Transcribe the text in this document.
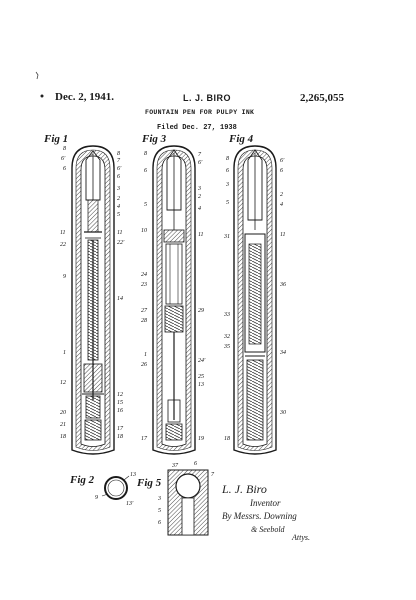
Dec. 2, 1941.	L. J. BIRO	2,265,055
FOUNTAIN PEN FOR PULPY INK
Filed Dec. 27, 1938
Fig 1	Fig 3	Fig 4
Fig 2	Fig 5	L. J. Biro
Inventor
By Messrs. Downing
& Seebold
Attys.
8
7
6'
6
3
2
4
5
11
22'
14
12
15
16
17
18
8
6'
6
11
22
9
1
12
20
21
18
8
6
5
10
24
23
27
28
1
26
17
7
6'
3
2
4
11
29
24'
25
13
19
8
6
3
5
31
33
32
35
18
6'
6
2
4
11
36
34
30
13
9
13'
37	6
7
3
5
6
